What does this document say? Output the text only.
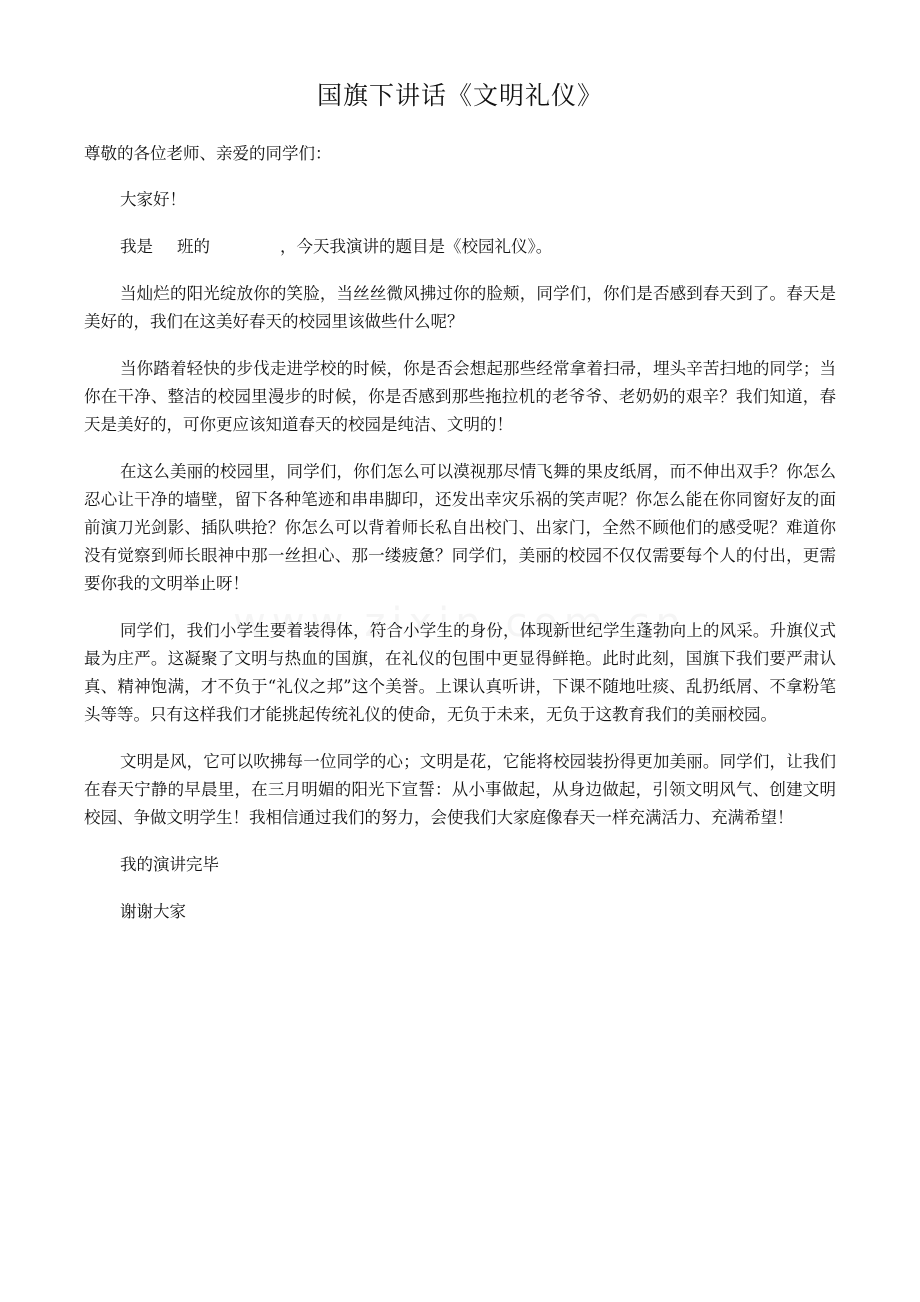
国旗下讲话《文明礼仪》

尊敬的各位老师、亲爱的同学们：

大家好！

我是 班的	，今天我演讲的题目是《校园礼仪》。

当灿烂的阳光绽放你的笑脸，当丝丝微风拂过你的脸颊，同学们，你们是否感到春天到了。春天是美好的，我们在这美好春天的校园里该做些什么呢？

当你踏着轻快的步伐走进学校的时候，你是否会想起那些经常拿着扫帚，埋头辛苦扫地的同学；当你在干净、整洁的校园里漫步的时候，你是否感到那些拖拉机的老爷爷、老奶奶的艰辛？我们知道，春天是美好的，可你更应该知道春天的校园是纯洁、文明的！

在这么美丽的校园里，同学们，你们怎么可以漠视那尽情飞舞的果皮纸屑，而不伸出双手？你怎么忍心让干净的墙壁，留下各种笔迹和串串脚印，还发出幸灾乐祸的笑声呢？你怎么能在你同窗好友的面前演刀光剑影、插队哄抢？你怎么可以背着师长私自出校门、出家门，全然不顾他们的感受呢？难道你没有觉察到师长眼神中那一丝担心、那一缕疲惫？同学们，美丽的校园不仅仅需要每个人的付出，更需要你我的文明举止呀！

同学们，我们小学生要着装得体，符合小学生的身份，体现新世纪学生蓬勃向上的风采。升旗仪式最为庄严。这凝聚了文明与热血的国旗，在礼仪的包围中更显得鲜艳。此时此刻，国旗下我们要严肃认真、精神饱满，才不负于“礼仪之邦”这个美誉。上课认真听讲，下课不随地吐痰、乱扔纸屑、不拿粉笔头等等。只有这样我们才能挑起传统礼仪的使命，无负于未来，无负于这教育我们的美丽校园。

文明是风，它可以吹拂每一位同学的心；文明是花，它能将校园装扮得更加美丽。同学们，让我们在春天宁静的早晨里，在三月明媚的阳光下宣誓：从小事做起，从身边做起，引领文明风气、创建文明校园、争做文明学生！我相信通过我们的努力，会使我们大家庭像春天一样充满活力、充满希望！

我的演讲完毕

谢谢大家
